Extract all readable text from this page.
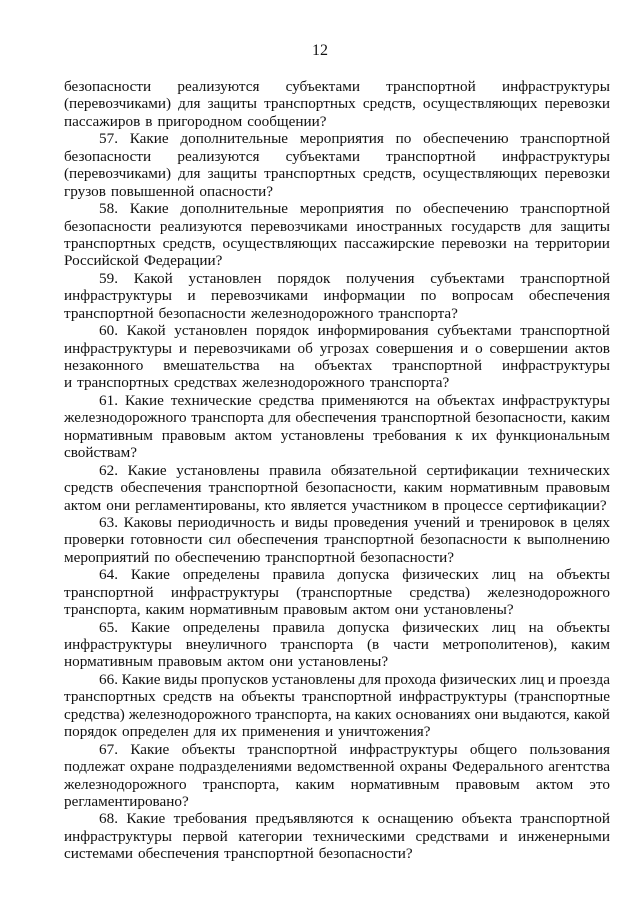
12
безопасности реализуются субъектами транспортной инфраструктуры
(перевозчиками) для защиты транспортных средств, осуществляющих перевозки
пассажиров в пригородном сообщении?
57. Какие дополнительные мероприятия по обеспечению транспортной
безопасности реализуются субъектами транспортной инфраструктуры
(перевозчиками) для защиты транспортных средств, осуществляющих перевозки
грузов повышенной опасности?
58. Какие дополнительные мероприятия по обеспечению транспортной
безопасности реализуются перевозчиками иностранных государств для защиты
транспортных средств, осуществляющих пассажирские перевозки на территории
Российской Федерации?
59. Какой установлен порядок получения субъектами транспортной
инфраструктуры и перевозчиками информации по вопросам обеспечения
транспортной безопасности железнодорожного транспорта?
60. Какой установлен порядок информирования субъектами транспортной
инфраструктуры и перевозчиками об угрозах совершения и о совершении актов
незаконного вмешательства на объектах транспортной инфраструктуры
и транспортных средствах железнодорожного транспорта?
61. Какие технические средства применяются на объектах инфраструктуры
железнодорожного транспорта для обеспечения транспортной безопасности, каким
нормативным правовым актом установлены требования к их функциональным
свойствам?
62. Какие установлены правила обязательной сертификации технических
средств обеспечения транспортной безопасности, каким нормативным правовым
актом они регламентированы, кто является участником в процессе сертификации?
63. Каковы периодичность и виды проведения учений и тренировок в целях
проверки готовности сил обеспечения транспортной безопасности к выполнению
мероприятий по обеспечению транспортной безопасности?
64. Какие определены правила допуска физических лиц на объекты
транспортной инфраструктуры (транспортные средства) железнодорожного
транспорта, каким нормативным правовым актом они установлены?
65. Какие определены правила допуска физических лиц на объекты
инфраструктуры внеуличного транспорта (в части метрополитенов), каким
нормативным правовым актом они установлены?
66. Какие виды пропусков установлены для прохода физических лиц и проезда
транспортных средств на объекты транспортной инфраструктуры (транспортные
средства) железнодорожного транспорта, на каких основаниях они выдаются, какой
порядок определен для их применения и уничтожения?
67. Какие объекты транспортной инфраструктуры общего пользования
подлежат охране подразделениями ведомственной охраны Федерального агентства
железнодорожного транспорта, каким нормативным правовым актом это
регламентировано?
68. Какие требования предъявляются к оснащению объекта транспортной
инфраструктуры первой категории техническими средствами и инженерными
системами обеспечения транспортной безопасности?
